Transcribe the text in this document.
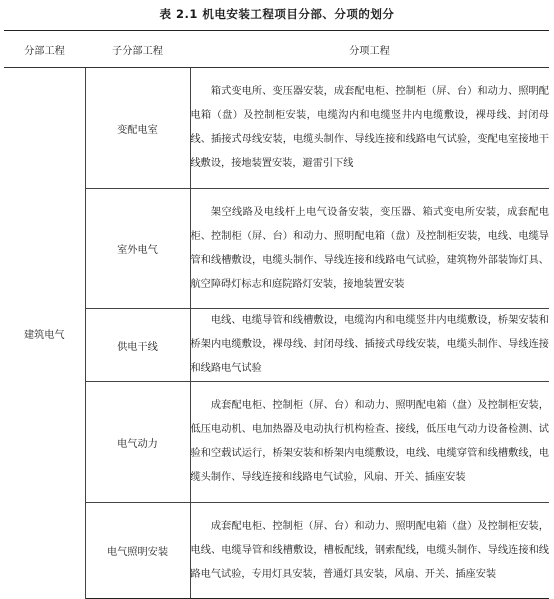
表 2.1 机电安装工程项目分部、分项的划分
分部工程	子分部工程	分项工程
建筑电气	变配电室	箱式变电所、变压器安装，成套配电柜、控制柜（屏、台）和动力、照明配电箱（盘）及控制柜安装，电缆沟内和电缆竖井内电缆敷设，裸母线、封闭母线、插接式母线安装，电缆头制作、导线连接和线路电气试验，变配电室接地干线敷设，接地装置安装，避雷引下线
	室外电气	架空线路及电线杆上电气设备安装，变压器、箱式变电所安装，成套配电柜、控制柜（屏、台）和动力、照明配电箱（盘）及控制柜安装，电线、电缆导管和线槽敷设，电缆头制作、导线连接和线路电气试验，建筑物外部装饰灯具、航空障碍灯标志和庭院路灯安装，接地装置安装
	供电干线	电线、电缆导管和线槽敷设，电缆沟内和电缆竖井内电缆敷设，桥架安装和桥架内电缆敷设，裸母线、封闭母线、插接式母线安装，电缆头制作、导线连接和线路电气试验
	电气动力	成套配电柜、控制柜（屏、台）和动力、照明配电箱（盘）及控制柜安装，低压电动机、电加热器及电动执行机构检查、接线，低压电气动力设备检测、试验和空载试运行，桥架安装和桥架内电缆敷设，电线、电缆穿管和线槽敷线，电缆头制作、导线连接和线路电气试验，风扇、开关、插座安装
	电气照明安装	成套配电柜、控制柜（屏、台）和动力、照明配电箱（盘）及控制柜安装，电线、电缆导管和线槽敷设，槽板配线，钢索配线，电缆头制作、导线连接和线路电气试验，专用灯具安装，普通灯具安装，风扇、开关、插座安装
